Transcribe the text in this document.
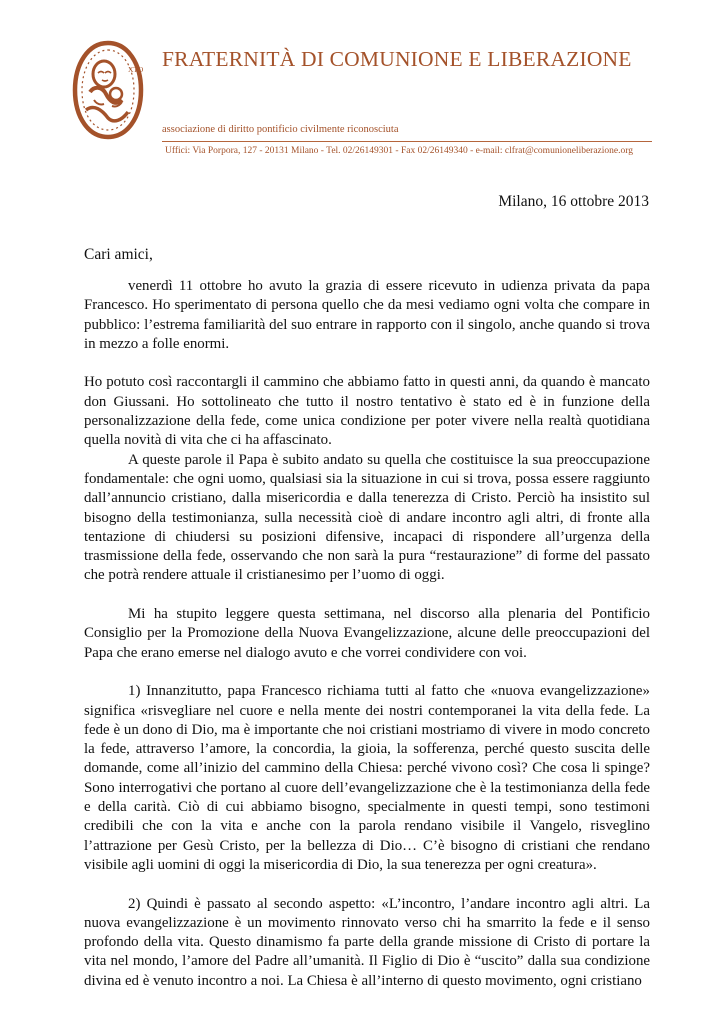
XTO FRATERNITÀ DI COMUNIONE E LIBERAZIONE
associazione di diritto pontificio civilmente riconosciuta
Uffici: Via Porpora, 127 - 20131 Milano - Tel. 02/26149301 - Fax 02/26149340 - e-mail: clfrat@comunioneliberazione.org
Milano, 16 ottobre 2013
Cari amici,

venerdì 11 ottobre ho avuto la grazia di essere ricevuto in udienza privata da papa Francesco. Ho sperimentato di persona quello che da mesi vediamo ogni volta che compare in pubblico: l’estrema familiarità del suo entrare in rapporto con il singolo, anche quando si trova in mezzo a folle enormi.

Ho potuto così raccontargli il cammino che abbiamo fatto in questi anni, da quando è mancato don Giussani. Ho sottolineato che tutto il nostro tentativo è stato ed è in funzione della personalizzazione della fede, come unica condizione per poter vivere nella realtà quotidiana quella novità di vita che ci ha affascinato.

A queste parole il Papa è subito andato su quella che costituisce la sua preoccupazione fondamentale: che ogni uomo, qualsiasi sia la situazione in cui si trova, possa essere raggiunto dall’annuncio cristiano, dalla misericordia e dalla tenerezza di Cristo. Perciò ha insistito sul bisogno della testimonianza, sulla necessità cioè di andare incontro agli altri, di fronte alla tentazione di chiudersi su posizioni difensive, incapaci di rispondere all’urgenza della trasmissione della fede, osservando che non sarà la pura “restaurazione” di forme del passato che potrà rendere attuale il cristianesimo per l’uomo di oggi.

Mi ha stupito leggere questa settimana, nel discorso alla plenaria del Pontificio Consiglio per la Promozione della Nuova Evangelizzazione, alcune delle preoccupazioni del Papa che erano emerse nel dialogo avuto e che vorrei condividere con voi.

1) Innanzitutto, papa Francesco richiama tutti al fatto che «nuova evangelizzazione» significa «risvegliare nel cuore e nella mente dei nostri contemporanei la vita della fede. La fede è un dono di Dio, ma è importante che noi cristiani mostriamo di vivere in modo concreto la fede, attraverso l’amore, la concordia, la gioia, la sofferenza, perché questo suscita delle domande, come all’inizio del cammino della Chiesa: perché vivono così? Che cosa li spinge? Sono interrogativi che portano al cuore dell’evangelizzazione che è la testimonianza della fede e della carità. Ciò di cui abbiamo bisogno, specialmente in questi tempi, sono testimoni credibili che con la vita e anche con la parola rendano visibile il Vangelo, risveglino l’attrazione per Gesù Cristo, per la bellezza di Dio… C’è bisogno di cristiani che rendano visibile agli uomini di oggi la misericordia di Dio, la sua tenerezza per ogni creatura».

2) Quindi è passato al secondo aspetto: «L’incontro, l’andare incontro agli altri. La nuova evangelizzazione è un movimento rinnovato verso chi ha smarrito la fede e il senso profondo della vita. Questo dinamismo fa parte della grande missione di Cristo di portare la vita nel mondo, l’amore del Padre all’umanità. Il Figlio di Dio è “uscito” dalla sua condizione divina ed è venuto incontro a noi. La Chiesa è all’interno di questo movimento, ogni cristiano
